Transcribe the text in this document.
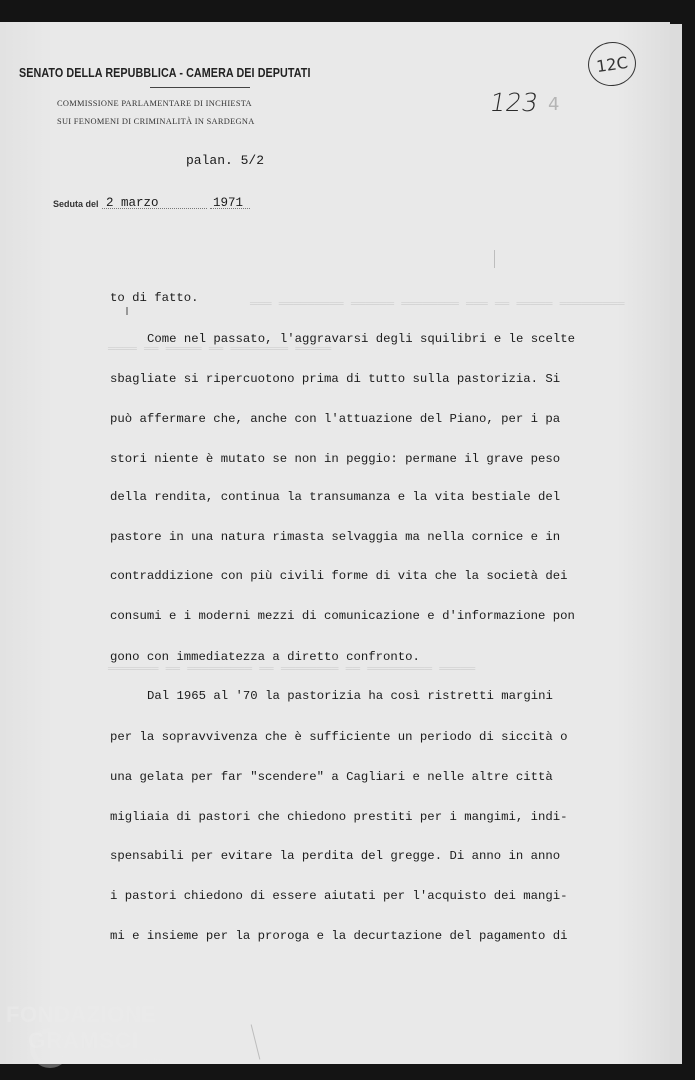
═══ ═════════ ══════ ════════ ═══ ══ ═════ ═════════
════ ══ ═════ ══ ════════ ═════
═══════ ══ ═════════ ══ ════════ ══ ═════════ ═════
SENATO DELLA REPUBBLICA - CAMERA DEI DEPUTATI
COMMISSIONE PARLAMENTARE DI INCHIESTA
SUI FENOMENI DI CRIMINALITÀ IN SARDEGNA
123 4
12C
palan. 5/2
Seduta del 2 marzo	1971
to di fatto.
Come nel passato, l'aggravarsi degli squilibri e le scelte
sbagliate si ripercuotono prima di tutto sulla pastorizia. Si
può affermare che, anche con l'attuazione del Piano, per i pa
stori niente è mutato se non in peggio: permane il grave peso
della rendita, continua la transumanza e la vita bestiale del
pastore in una natura rimasta selvaggia ma nella cornice e in
contraddizione con più civili forme di vita che la società dei
consumi e i moderni mezzi di comunicazione e d'informazione pon
gono con immediatezza a diretto confronto.
Dal 1965 al '70 la pastorizia ha così ristretti margini
per la sopravvivenza che è sufficiente un periodo di siccità o
una gelata per far "scendere" a Cagliari e nelle altre città
migliaia di pastori che chiedono prestiti per i mangimi, indi-
spensabili per evitare la perdita del gregge. Di anno in anno
i pastori chiedono di essere aiutati per l'acquisto dei mangi-
mi e insieme per la proroga e la decurtazione del pagamento di
FONDAZIONE
GRAMSCI
onlus
